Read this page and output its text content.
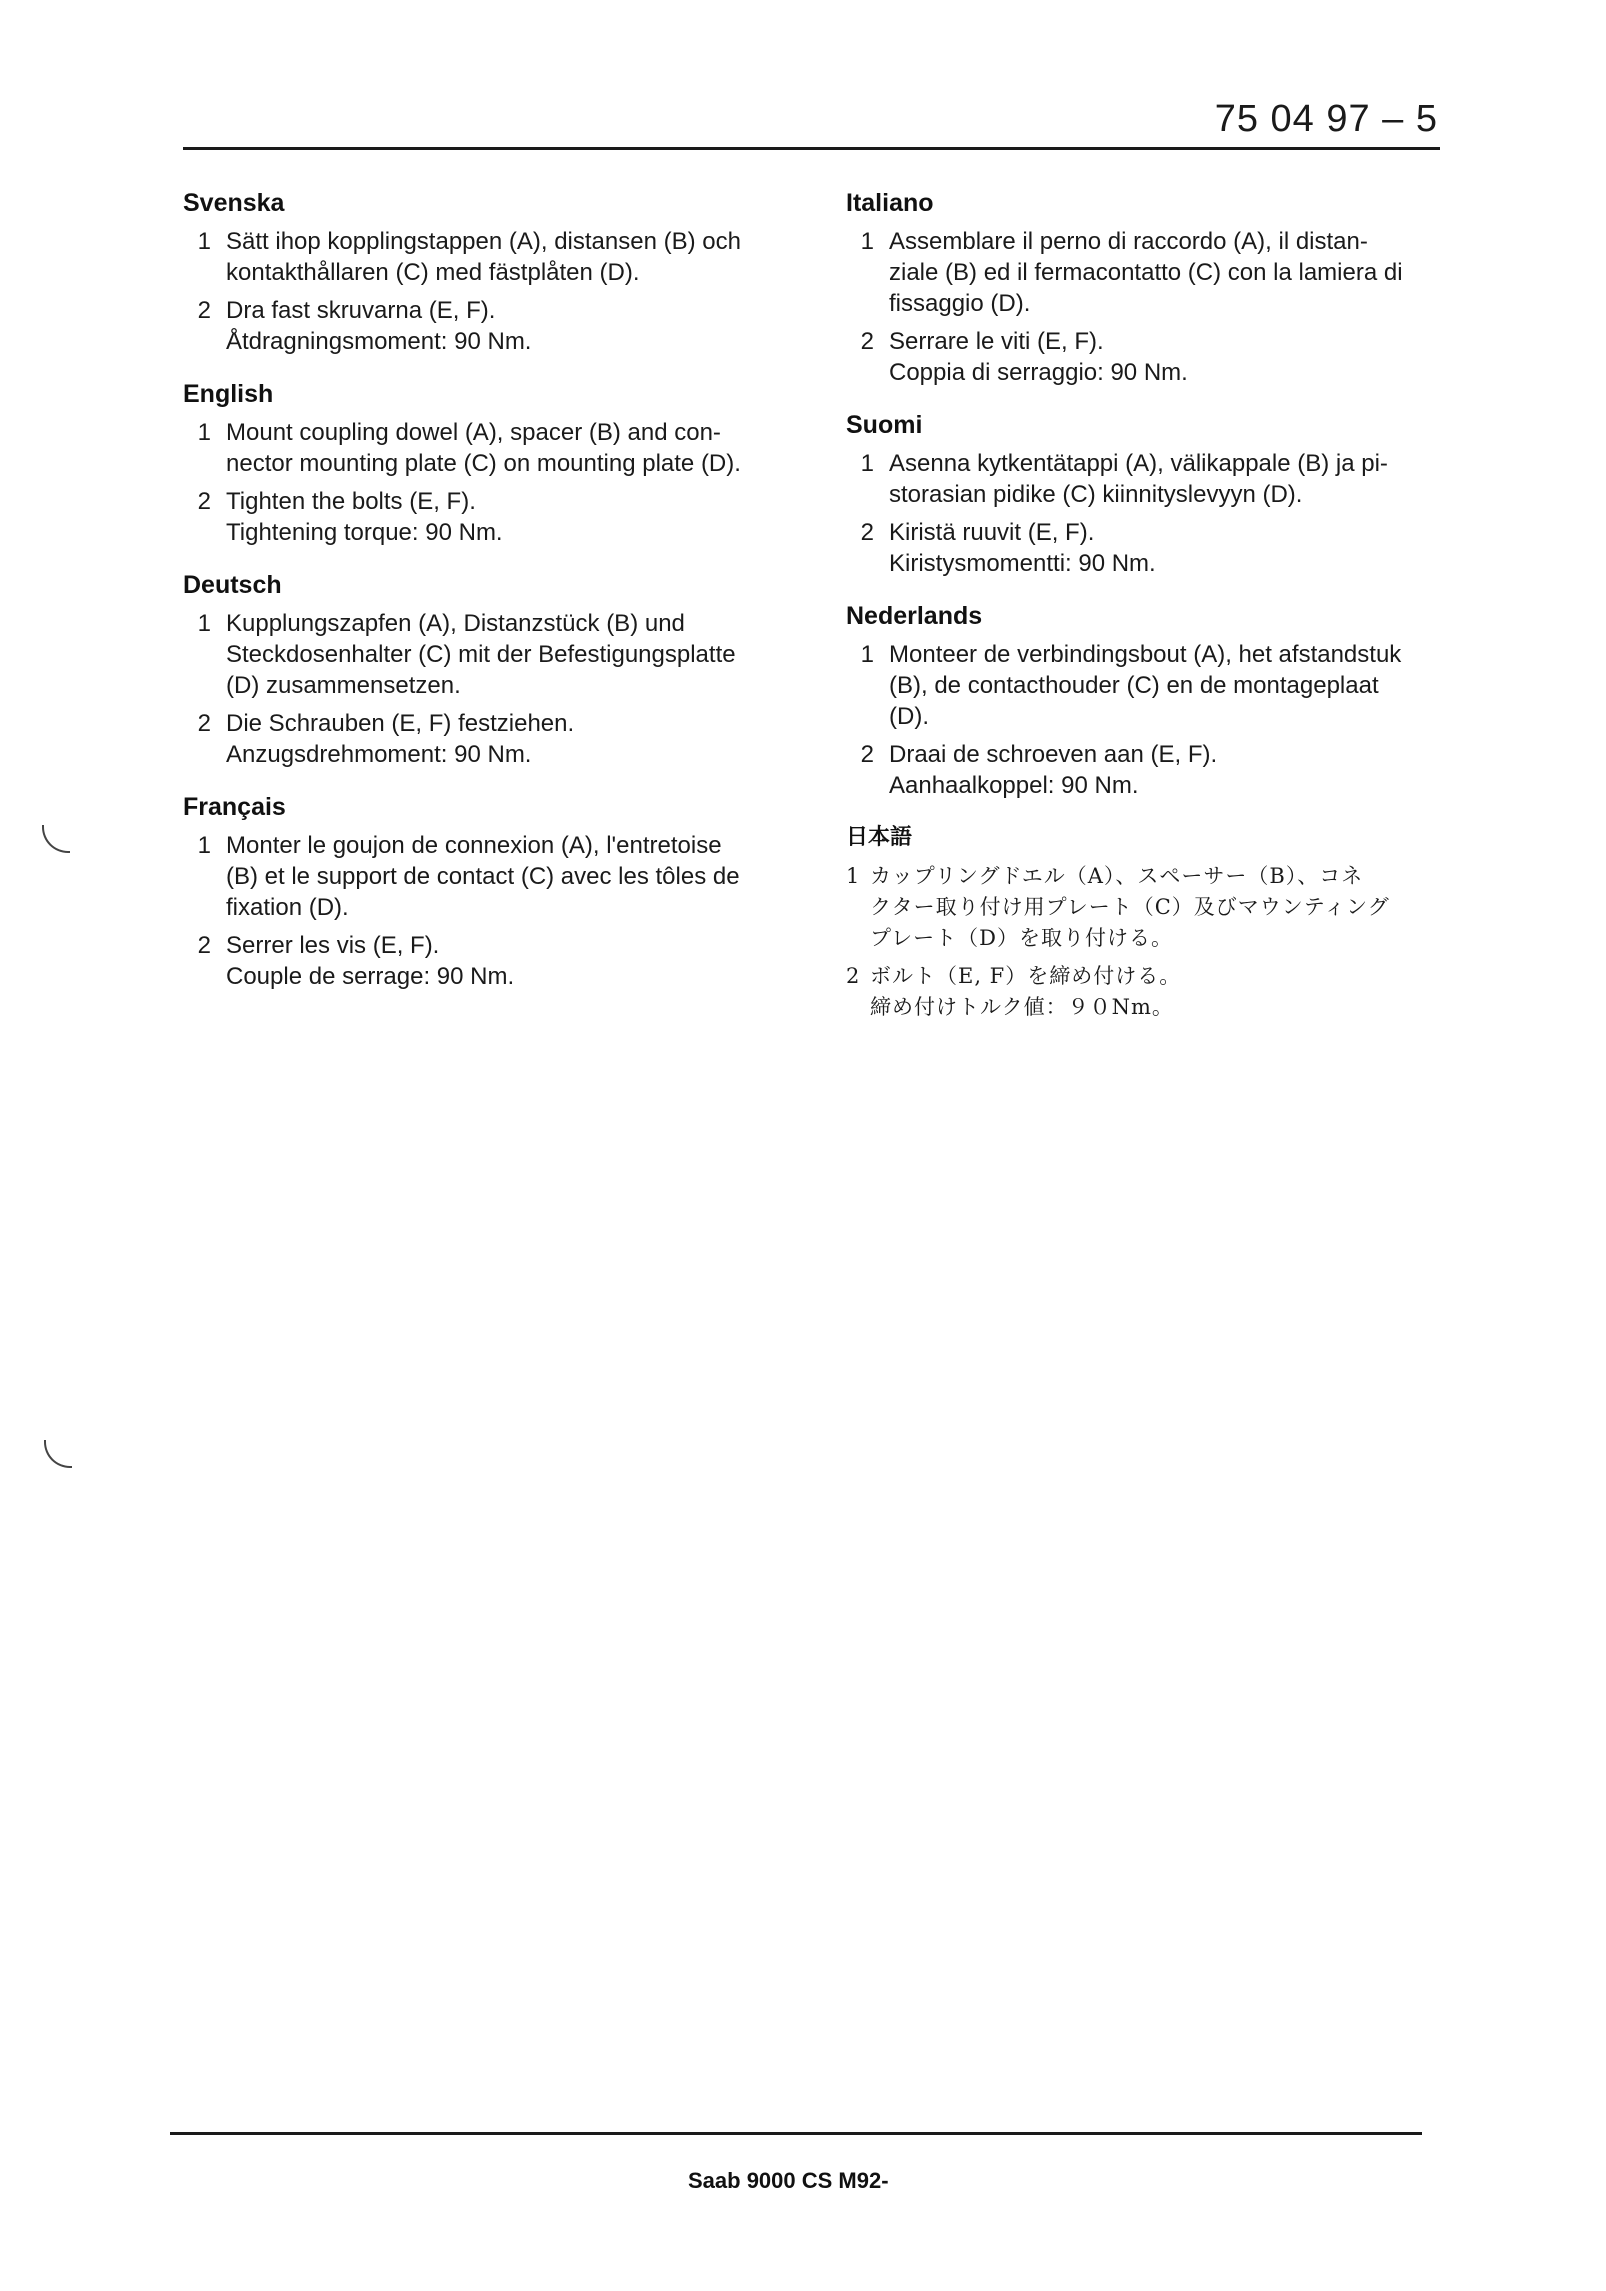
75 04 97 – 5
Svenska
1 Sätt ihop kopplingstappen (A), distansen (B) och
kontakthållaren (C) med fästplåten (D).
2 Dra fast skruvarna (E, F).
Åtdragningsmoment: 90 Nm.
English
1 Mount coupling dowel (A), spacer (B) and con-
nector mounting plate (C) on mounting plate (D).
2 Tighten the bolts (E, F).
Tightening torque: 90 Nm.
Deutsch
1 Kupplungszapfen (A), Distanzstück (B) und
Steckdosenhalter (C) mit der Befestigungsplatte
(D) zusammensetzen.
2 Die Schrauben (E, F) festziehen.
Anzugsdrehmoment: 90 Nm.
Français
1 Monter le goujon de connexion (A), l'entretoise
(B) et le support de contact (C) avec les tôles de
fixation (D).
2 Serrer les vis (E, F).
Couple de serrage: 90 Nm.
Italiano
1 Assemblare il perno di raccordo (A), il distan-
ziale (B) ed il fermacontatto (C) con la lamiera di
fissaggio (D).
2 Serrare le viti (E, F).
Coppia di serraggio: 90 Nm.
Suomi
1 Asenna kytkentätappi (A), välikappale (B) ja pi-
storasian pidike (C) kiinnityslevyyn (D).
2 Kiristä ruuvit (E, F).
Kiristysmomentti: 90 Nm.
Nederlands
1 Monteer de verbindingsbout (A), het afstandstuk
(B), de contacthouder (C) en de montageplaat
(D).
2 Draai de schroeven aan (E, F).
Aanhaalkoppel: 90 Nm.
日本語
1 カップリングドエル（A）、スペーサー（B）、コネ
クター取り付け用プレート（C）及びマウンティング
プレート（D）を取り付ける。
2 ボルト（E, F）を締め付ける。
締め付けトルク値：９０Nm。
Saab 9000 CS M92-
